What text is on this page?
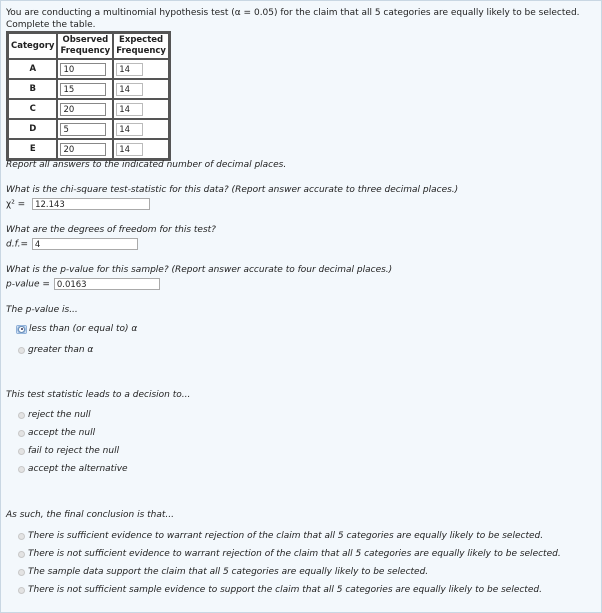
You are conducting a multinomial hypothesis test (α = 0.05) for the claim that all 5 categories are equally likely to be selected. Complete the table.
Category	Observed Frequency	Expected Frequency
A	10	14
B	15	14
C	20	14
D	5	14
E	20	14
Report all answers to the indicated number of decimal places.
What is the chi-square test-statistic for this data? (Report answer accurate to three decimal places.)
χ² = 12.143
What are the degrees of freedom for this test?
d.f.= 4
What is the p-value for this sample? (Report answer accurate to four decimal places.)
p-value = 0.0163
The p-value is...
less than (or equal to) α
greater than α
This test statistic leads to a decision to...
reject the null
accept the null
fail to reject the null
accept the alternative
As such, the final conclusion is that...
There is sufficient evidence to warrant rejection of the claim that all 5 categories are equally likely to be selected.
There is not sufficient evidence to warrant rejection of the claim that all 5 categories are equally likely to be selected.
The sample data support the claim that all 5 categories are equally likely to be selected.
There is not sufficient sample evidence to support the claim that all 5 categories are equally likely to be selected.
